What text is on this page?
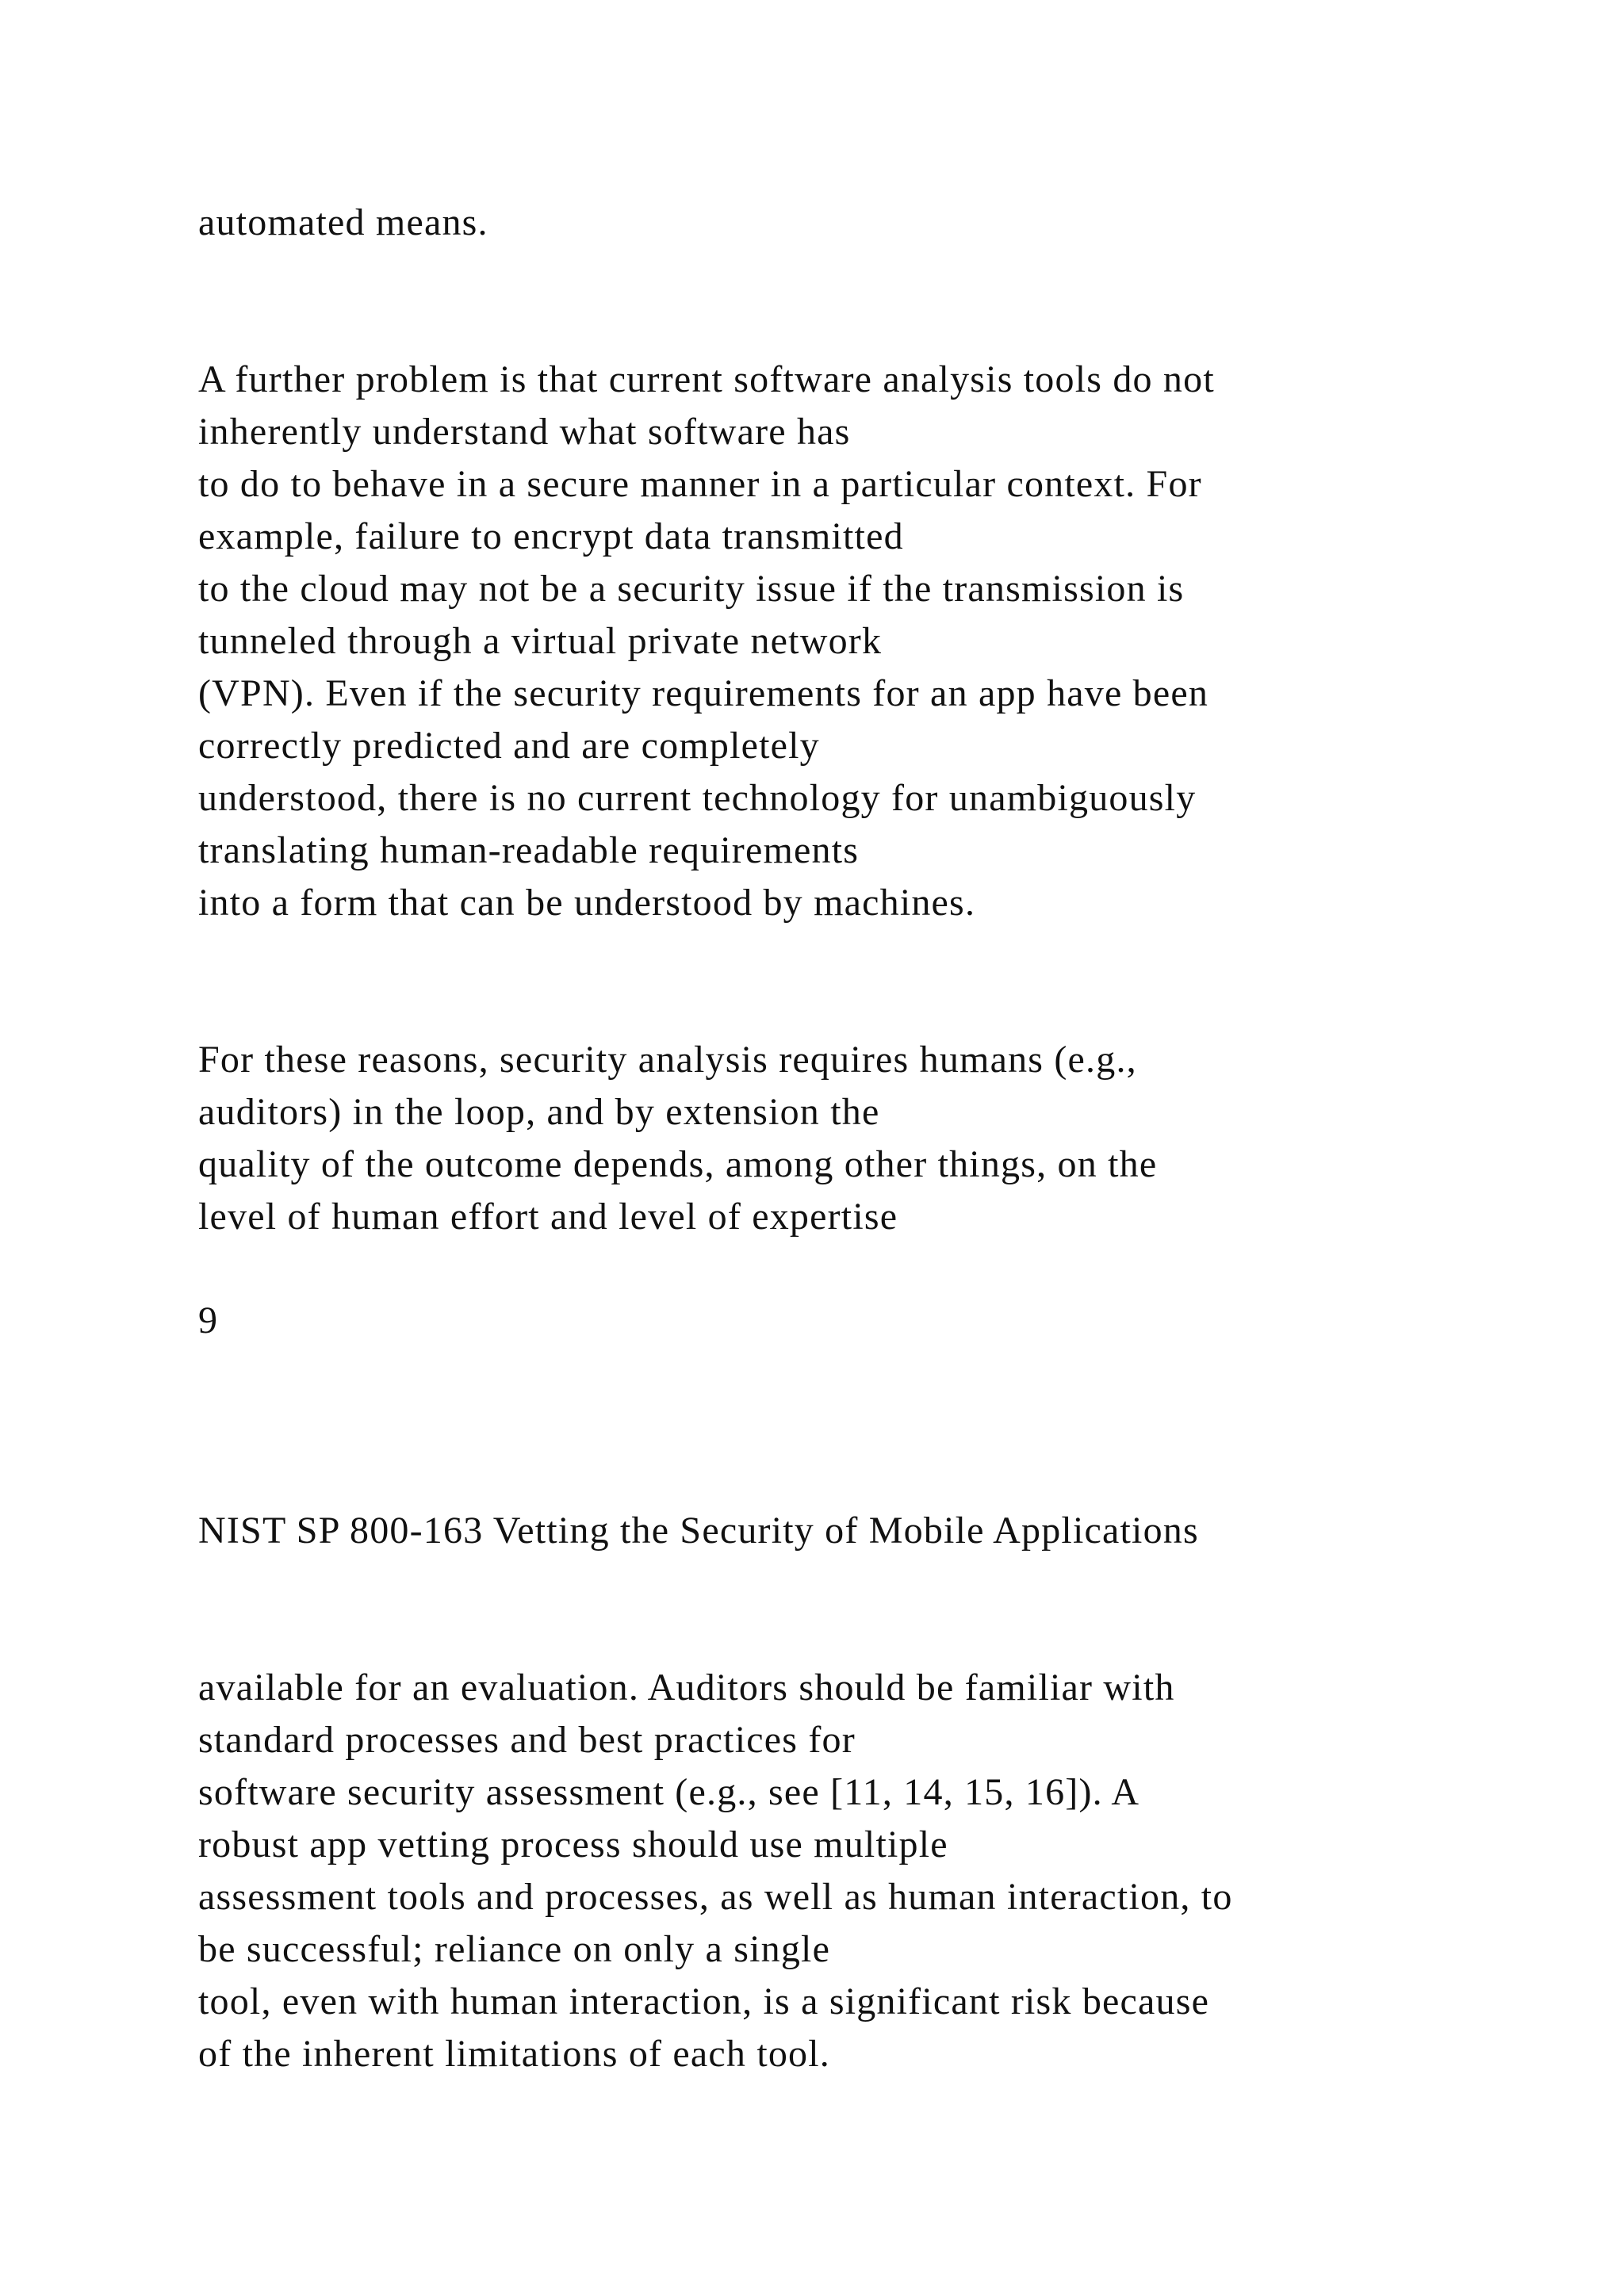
automated means.

A further problem is that current software analysis tools do not
inherently understand what software has
to do to behave in a secure manner in a particular context. For
example, failure to encrypt data transmitted
to the cloud may not be a security issue if the transmission is
tunneled through a virtual private network
(VPN). Even if the security requirements for an app have been
correctly predicted and are completely
understood, there is no current technology for unambiguously
translating human-readable requirements
into a form that can be understood by machines.

For these reasons, security analysis requires humans (e.g.,
auditors) in the loop, and by extension the
quality of the outcome depends, among other things, on the
level of human effort and level of expertise

9

NIST SP 800-163 Vetting the Security of Mobile Applications

available for an evaluation. Auditors should be familiar with
standard processes and best practices for
software security assessment (e.g., see [11, 14, 15, 16]). A
robust app vetting process should use multiple
assessment tools and processes, as well as human interaction, to
be successful; reliance on only a single
tool, even with human interaction, is a significant risk because
of the inherent limitations of each tool.
